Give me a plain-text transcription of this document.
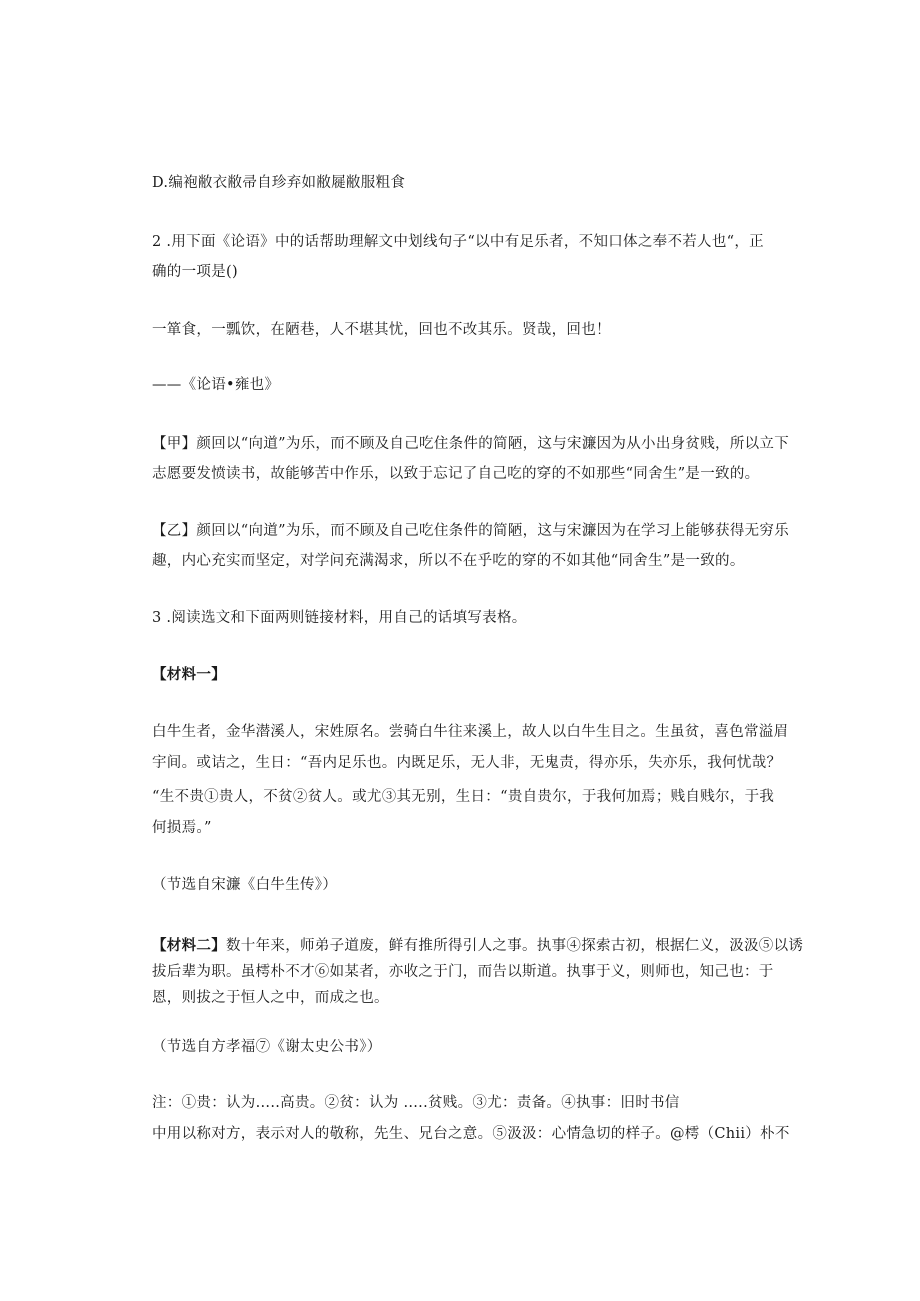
D.编袍敝衣敝帚自珍弃如敝屣敝服粗食
2 .用下面《论语》中的话帮助理解文中划线句子“以中有足乐者，不知口体之奉不若人也“，正
确的一项是()
一箪食，一瓢饮，在陋巷，人不堪其忧，回也不改其乐。贤哉，回也！
——《论语•雍也》
【甲】颜回以“向道”为乐，而不顾及自己吃住条件的简陋，这与宋濂因为从小出身贫贱，所以立下
志愿要发愤读书，故能够苦中作乐，以致于忘记了自己吃的穿的不如那些“同舍生”是一致的。
【乙】颜回以“向道”为乐，而不顾及自己吃住条件的简陋，这与宋濂因为在学习上能够获得无穷乐
趣，内心充实而坚定，对学问充满渴求，所以不在乎吃的穿的不如其他“同舍生”是一致的。
3 .阅读选文和下面两则链接材料，用自己的话填写表格。
【材料一】
白牛生者，金华潜溪人，宋姓原名。尝骑白牛往来溪上，故人以白牛生目之。生虽贫，喜色常溢眉
宇间。或诘之，生日：“吾内足乐也。内既足乐，无人非，无鬼责，得亦乐，失亦乐，我何忧哉？
“生不贵①贵人，不贫②贫人。或尤③其无别，生日：“贵自贵尔，于我何加焉；贱自贱尔，于我
何损焉。”
（节选自宋濂《白牛生传》）
【材料二】数十年来，师弟子道废，鲜有推所得引人之事。执事④探索古初，根据仁义，汲汲⑤以诱
拔后辈为职。虽樗朴不才⑥如某者，亦收之于门，而告以斯道。执事于义，则师也，知己也：于
恩，则拔之于恒人之中，而成之也。
（节选自方孝福⑦《谢太史公书》）
注：①贵：认为.....高贵。②贫：认为 .....贫贱。③尤：责备。④执事：旧时书信
中用以称对方，表示对人的敬称，先生、兄台之意。⑤汲汲：心情急切的样子。@樗（Chii）朴不
